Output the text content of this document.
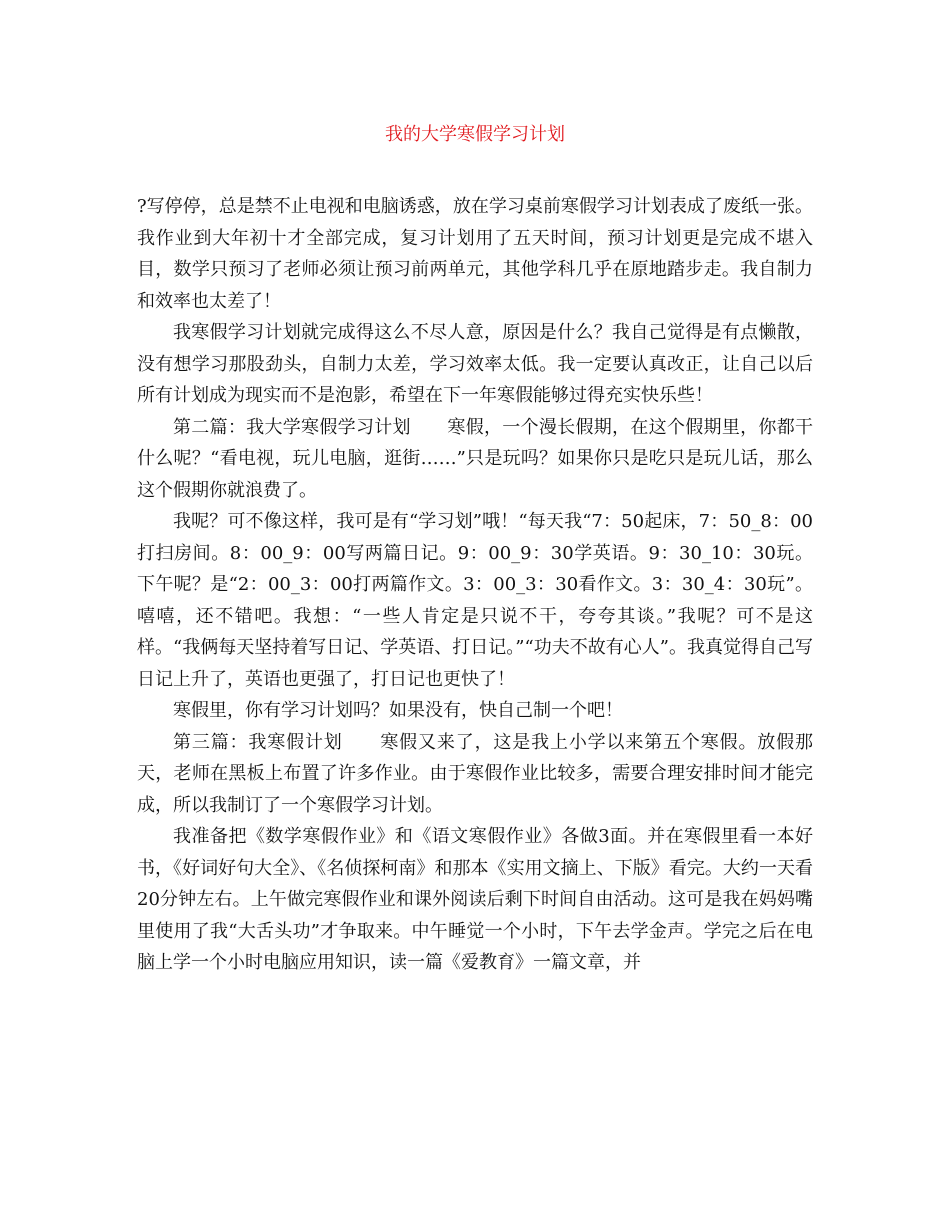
我的大学寒假学习计划

?写停停，总是禁不止电视和电脑诱惑，放在学习桌前寒假学习计划表成了废纸一张。我作业到大年初十才全部完成，复习计划用了五天时间，预习计划更是完成不堪入目，数学只预习了老师必须让预习前两单元，其他学科几乎在原地踏步走。我自制力和效率也太差了！

我寒假学习计划就完成得这么不尽人意，原因是什么？我自己觉得是有点懒散，没有想学习那股劲头，自制力太差，学习效率太低。我一定要认真改正，让自己以后所有计划成为现实而不是泡影，希望在下一年寒假能够过得充实快乐些！

第二篇：我大学寒假学习计划　　寒假，一个漫长假期，在这个假期里，你都干什么呢？“看电视，玩儿电脑，逛街……”只是玩吗？如果你只是吃只是玩儿话，那么这个假期你就浪费了。

我呢？可不像这样，我可是有“学习划”哦！“每天我“7：50起床，7：50_8：00打扫房间。8：00_9：00写两篇日记。9：00_9：30学英语。9：30_10：30玩。下午呢？是“2：00_3：00打两篇作文。3：00_3：30看作文。3：30_4：30玩”。嘻嘻，还不错吧。我想：“一些人肯定是只说不干，夸夸其谈。”我呢？可不是这样。“我俩每天坚持着写日记、学英语、打日记。”“功夫不故有心人”。我真觉得自己写日记上升了，英语也更强了，打日记也更快了！

寒假里，你有学习计划吗？如果没有，快自己制一个吧！

第三篇：我寒假计划　　寒假又来了，这是我上小学以来第五个寒假。放假那天，老师在黑板上布置了许多作业。由于寒假作业比较多，需要合理安排时间才能完成，所以我制订了一个寒假学习计划。

我准备把《数学寒假作业》和《语文寒假作业》各做3面。并在寒假里看一本好书，《好词好句大全》、《名侦探柯南》和那本《实用文摘上、下版》看完。大约一天看20分钟左右。上午做完寒假作业和课外阅读后剩下时间自由活动。这可是我在妈妈嘴里使用了我“大舌头功”才争取来。中午睡觉一个小时，下午去学金声。学完之后在电脑上学一个小时电脑应用知识，读一篇《爱教育》一篇文章，并
